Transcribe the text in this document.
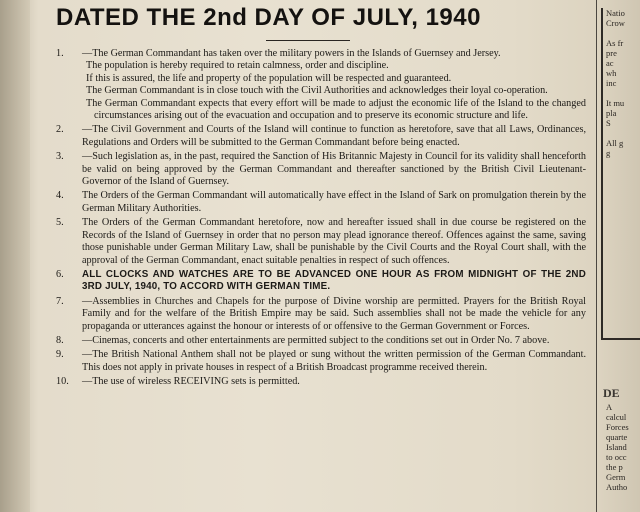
DATED THE 2nd DAY OF JULY, 1940
1.	—The German Commandant has taken over the military powers in the Islands of Guernsey and Jersey.
The population is hereby required to retain calmness, order and discipline.
If this is assured, the life and property of the population will be respected and guaranteed.
The German Commandant is in close touch with the Civil Authorities and acknowledges their loyal co-operation.
The German Commandant expects that every effort will be made to adjust the economic life of the Island to the changed circumstances arising out of the evacuation and occupation and to preserve its economic structure and life.
2.	—The Civil Government and Courts of the Island will continue to function as heretofore, save that all Laws, Ordinances, Regulations and Orders will be submitted to the German Commandant before being enacted.
3.	—Such legislation as, in the past, required the Sanction of His Britannic Majesty in Council for its validity shall henceforth be valid on being approved by the German Commandant and thereafter sanctioned by the British Civil Lieutenant-Governor of the Island of Guernsey.
4.	The Orders of the German Commandant will automatically have effect in the Island of Sark on promulgation therein by the German Military Authorities.
5.	The Orders of the German Commandant heretofore, now and hereafter issued shall in due course be registered on the Records of the Island of Guernsey in order that no person may plead ignorance thereof. Offences against the same, saving those punishable under German Military Law, shall be punishable by the Civil Courts and the Royal Court shall, with the approval of the German Commandant, enact suitable penalties in respect of such offences.
6.	ALL CLOCKS AND WATCHES ARE TO BE ADVANCED ONE HOUR AS FROM MIDNIGHT OF THE 2ND 3RD JULY, 1940, TO ACCORD WITH GERMAN TIME.
7.	—Assemblies in Churches and Chapels for the purpose of Divine worship are permitted. Prayers for the British Royal Family and for the welfare of the British Empire may be said. Such assemblies shall not be made the vehicle for any propaganda or utterances against the honour or interests of or offensive to the German Government or Forces.
8.	—Cinemas, concerts and other entertainments are permitted subject to the conditions set out in Order No. 7 above.
9.	—The British National Anthem shall not be played or sung without the written permission of the German Commandant. This does not apply in private houses in respect of a British Broadcast programme received therein.
10.	—The use of wireless RECEIVING sets is permitted.
Natio
Crow

As fr
pre
ac
wh
inc

It mu
pla
S

All g
g
DE
A
calcul
Forces
quarte
Island
to occ
the p
Germ
Autho
